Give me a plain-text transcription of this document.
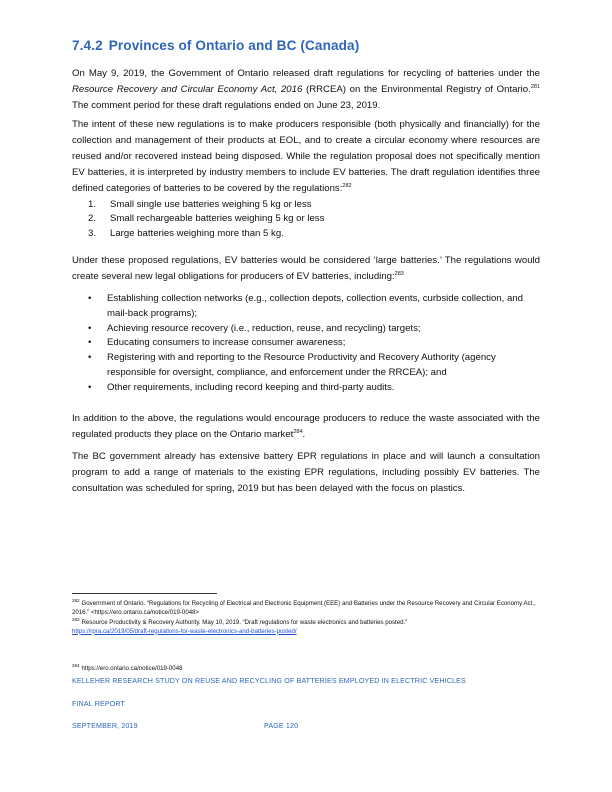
7.4.2 Provinces of Ontario and BC (Canada)

On May 9, 2019, the Government of Ontario released draft regulations for recycling of batteries under the Resource Recovery and Circular Economy Act, 2016 (RRCEA) on the Environmental Registry of Ontario.$^{281}$ The comment period for these draft regulations ended on June 23, 2019.

The intent of these new regulations is to make producers responsible (both physically and financially) for the collection and management of their products at EOL, and to create a circular economy where resources are reused and/or recovered instead being disposed. While the regulation proposal does not specifically mention EV batteries, it is interpreted by industry members to include EV batteries. The draft regulation identifies three defined categories of batteries to be covered by the regulations:$^{282}$

1. Small single use batteries weighing 5 kg or less
2. Small rechargeable batteries weighing 5 kg or less
3. Large batteries weighing more than 5 kg.

Under these proposed regulations, EV batteries would be considered ‘large batteries.’ The regulations would create several new legal obligations for producers of EV batteries, including:$^{283}$

• Establishing collection networks (e.g., collection depots, collection events, curbside collection, and mail-back programs);
• Achieving resource recovery (i.e., reduction, reuse, and recycling) targets;
• Educating consumers to increase consumer awareness;
• Registering with and reporting to the Resource Productivity and Recovery Authority (agency responsible for oversight, compliance, and enforcement under the RRCEA); and
• Other requirements, including record keeping and third-party audits.

In addition to the above, the regulations would encourage producers to reduce the waste associated with the regulated products they place on the Ontario market$^{284}$.

The BC government already has extensive battery EPR regulations in place and will launch a consultation program to add a range of materials to the existing EPR regulations, including possibly EV batteries. The consultation was scheduled for spring, 2019 but has been delayed with the focus on plastics.

$^{282}$ Government of Ontario. “Regulations for Recycling of Electrical and Electronic Equipment (EEE) and Batteries under the Resource Recovery and Circular Economy Act., 2016.” <https://ero.ontario.ca/notice/019-0048>

$^{283}$ Resource Productivity & Recovery Authority. May 10, 2019. “Draft regulations for waste electronics and batteries posted.”
https://rpra.ca/2019/05/draft-regulations-for-waste-electronics-and-batteries-posted/

$^{284}$ https://ero.ontario.ca/notice/019-0048

KELLEHER RESEARCH STUDY ON REUSE AND RECYCLING OF BATTERIES EMPLOYED IN ELECTRIC VEHICLES
FINAL REPORT
SEPTEMBER, 2019	PAGE 120
